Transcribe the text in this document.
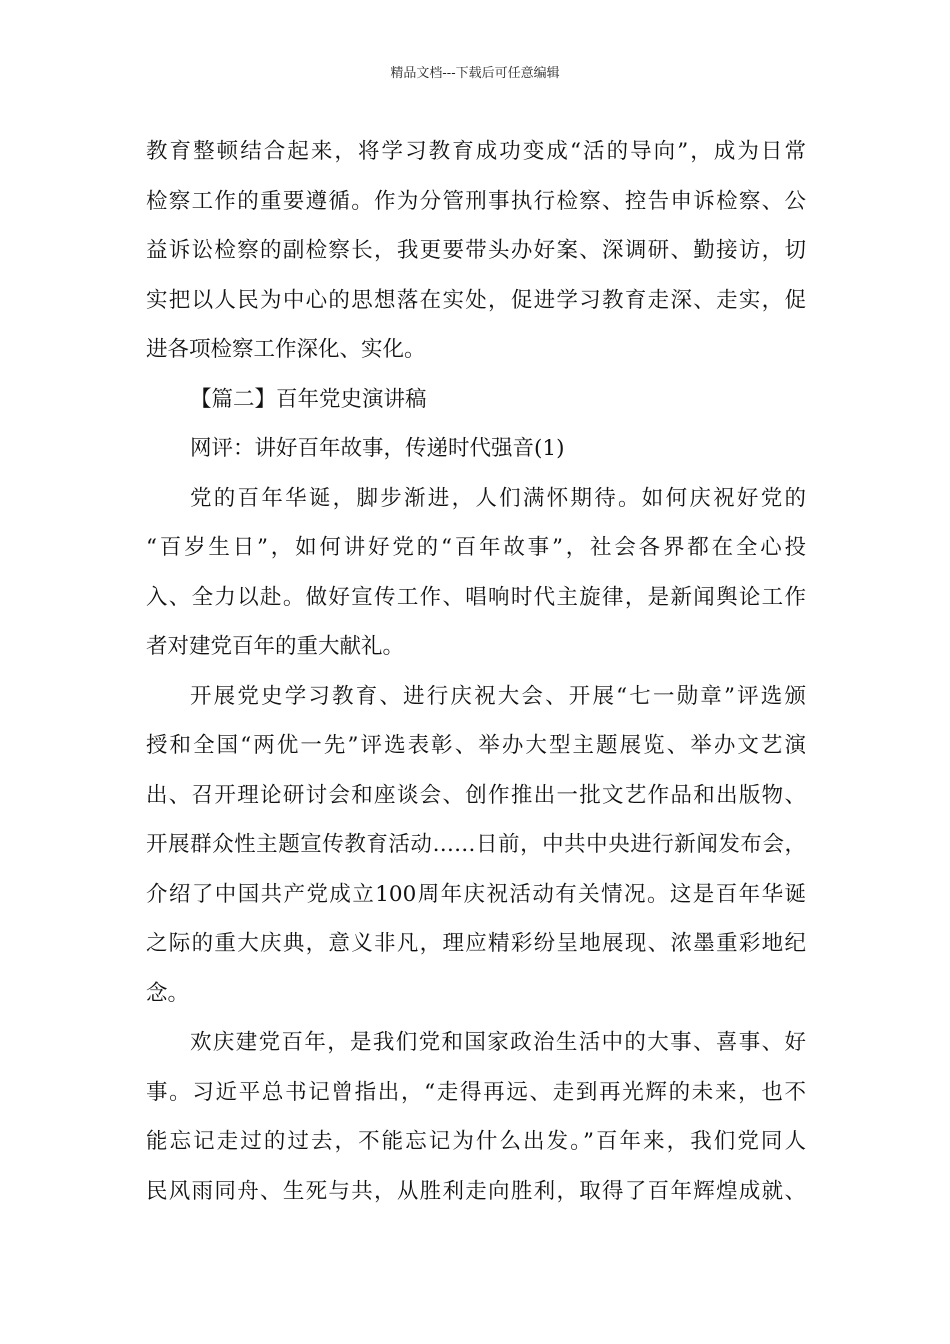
精品文档---下载后可任意编辑
教育整顿结合起来，将学习教育成功变成“活的导向”，成为日常
检察工作的重要遵循。作为分管刑事执行检察、控告申诉检察、公
益诉讼检察的副检察长，我更要带头办好案、深调研、勤接访，切
实把以人民为中心的思想落在实处，促进学习教育走深、走实，促
进各项检察工作深化、实化。
【篇二】百年党史演讲稿
网评：讲好百年故事，传递时代强音(1)
党的百年华诞，脚步渐进，人们满怀期待。如何庆祝好党的
“百岁生日”，如何讲好党的“百年故事”，社会各界都在全心投
入、全力以赴。做好宣传工作、唱响时代主旋律，是新闻舆论工作
者对建党百年的重大献礼。
开展党史学习教育、进行庆祝大会、开展“七一勋章”评选颁
授和全国“两优一先”评选表彰、举办大型主题展览、举办文艺演
出、召开理论研讨会和座谈会、创作推出一批文艺作品和出版物、
开展群众性主题宣传教育活动……日前，中共中央进行新闻发布会，
介绍了中国共产党成立100周年庆祝活动有关情况。这是百年华诞
之际的重大庆典，意义非凡，理应精彩纷呈地展现、浓墨重彩地纪
念。
欢庆建党百年，是我们党和国家政治生活中的大事、喜事、好
事。习近平总书记曾指出，“走得再远、走到再光辉的未来，也不
能忘记走过的过去，不能忘记为什么出发。”百年来，我们党同人
民风雨同舟、生死与共，从胜利走向胜利，取得了百年辉煌成就、
